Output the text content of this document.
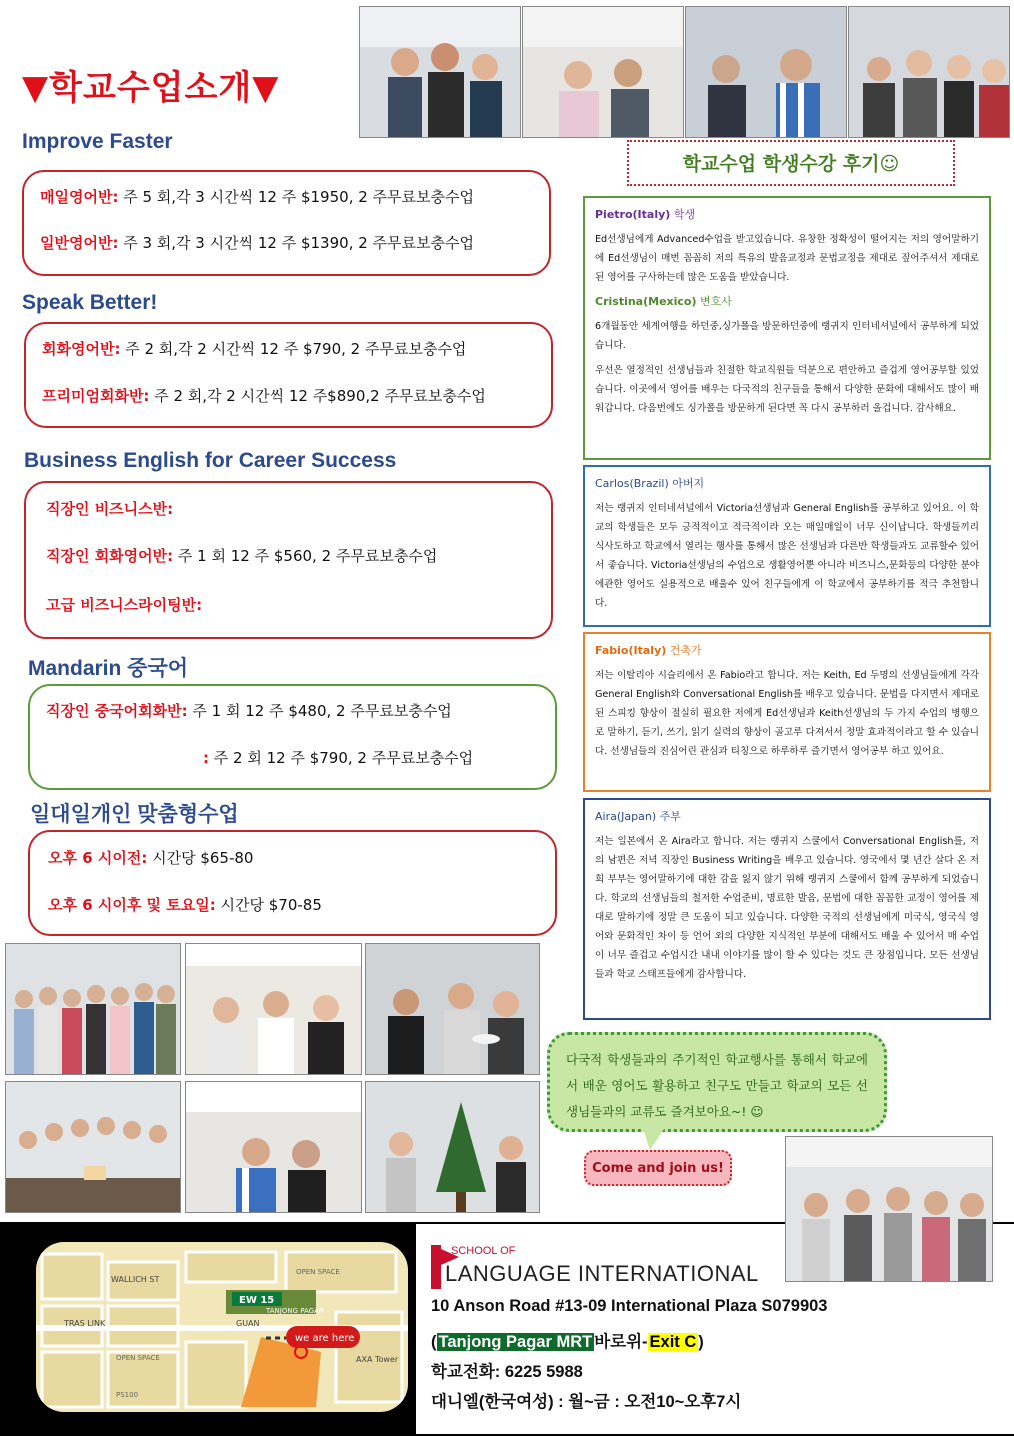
▼학교수업소개▼
Improve Faster
매일영어반: 주 5 회,각 3 시간씩 12 주 $1950, 2 주무료보충수업
일반영어반: 주 3 회,각 3 시간씩 12 주 $1390, 2 주무료보충수업
Speak Better!
회화영어반: 주 2 회,각 2 시간씩 12 주 $790, 2 주무료보충수업
프리미엄회화반: 주 2 회,각 2 시간씩 12 주$890,2 주무료보충수업
Business English for Career Success
직장인 비즈니스반:
직장인 회화영어반: 주 1 회 12 주 $560, 2 주무료보충수업
고급 비즈니스라이팅반:
Mandarin 중국어
직장인 중국어회화반: 주 1 회 12 주 $480, 2 주무료보충수업
: 주 2 회 12 주 $790, 2 주무료보충수업
일대일개인 맞춤형수업
오후 6 시이전: 시간당 $65-80
오후 6 시이후 및 토요일: 시간당 $70-85
학교수업 학생수강 후기☺
Pietro(Italy) 학생

Ed선생님에게 Advanced수업을 받고있습니다. 유창한 정확성이 떨어지는 저의 영어말하기에 Ed선생님이 매번 꼼꼼히 저의 특유의 발음교정과 문법교정을 제대로 짚어주셔서 제대로된 영어를 구사하는데 많은 도움을 받았습니다.

Cristina(Mexico) 변호사

6개월동안 세계여행을 하던중,싱가폴을 방문하던중에 랭귀지 인터네셔널에서 공부하게 되었습니다.

우선은 열정적인 선생님들과 친절한 학교직원들 덕분으로 편안하고 즐겁게 영어공부할 있었습니다. 이곳에서 영어를 배우는 다국적의 친구들을 통해서 다양한 문화에 대해서도 많이 배워갑니다. 다음번에도 싱가폴을 방문하게 된다면 꼭 다시 공부하러 올겁니다. 감사해요.

Carlos(Brazil) 아버지

저는 랭귀지 인터네셔널에서 Victoria선생님과 General English를 공부하고 있어요. 이 학교의 학생들은 모두 긍적적이고 적극적이라 오는 매일매일이 너무 신이납니다. 학생들끼리 식사도하고 학교에서 열리는 행사를 통해서 많은 선생님과 다른반 학생들과도 교류할수 있어서 좋습니다. Victoria선생님의 수업으로 생활영어뿐 아니라 비즈니스,문화등의 다양한 분야에관한 영어도 실용적으로 배울수 있어 친구들에게 이 학교에서 공부하기를 적극 추천합니다.

Fabio(Italy) 건축가

저는 이탈리아 시슬리에서 온 Fabio라고 합니다. 저는 Keith, Ed 두명의 선생님들에게 각각 General English와 Conversational English를 배우고 있습니다. 문법을 다지면서 제대로된 스피킹 향상이 절실히 필요한 저에게 Ed선생님과 Keith선생님의 두 가지 수업의 병행으로 말하기, 듣기, 쓰기, 읽기 실력의 향상이 골고루 다져서서 정말 효과적이라고 할 수 있습니다. 선생님들의 진심어린 관심과 티칭으로 하루하루 즐기면서 영어공부 하고 있어요.

Aira(Japan) 주부

저는 일본에서 온 Aira라고 합니다. 저는 랭귀지 스쿨에서 Conversational English를, 저의 남편은 저녁 직장인 Business Writing을 배우고 있습니다. 영국에서 몇 년간 살다 온 저희 부부는 영어말하기에 대한 감을 잃지 않기 위해 랭귀지 스쿨에서 함께 공부하게 되었습니다. 학교의 선생님들의 철저한 수업준비, 명료한 발음, 문법에 대한 꼼꼼한 교정이 영어를 제대로 말하기에 정말 큰 도움이 되고 있습니다. 다양한 국적의 선생님에게 미국식, 영국식 영어와 문화적인 차이 등 언어 외의 다양한 지식적인 부분에 대해서도 배울 수 있어서 매 수업이 너무 즐겁고 수업시간 내내 이야기를 많이 할 수 있다는 것도 큰 장점입니다. 모든 선생님들과 학교 스태프들에게 감사합니다.

다국적 학생들과의 주기적인 학교행사를 통해서 학교에서 배운 영어도 활용하고 친구도 만들고 학교의 모든 선생님들과의 교류도 즐겨보아요~! ☺
Come and join us!
WALLICH ST
TRAS LINK	GUAN
AXA Tower
OPEN SPACE
PS100
OPEN SPACE
EW 15
TANJONG PAGAR
we are here
SCHOOL OF
LANGUAGE INTERNATIONAL
10 Anson Road #13-09 International Plaza S079903
( Tanjong Pagar MRT 바로위- Exit C )
학교전화: 6225 5988
대니엘(한국여성) : 월~금 : 오전10~오후7시
